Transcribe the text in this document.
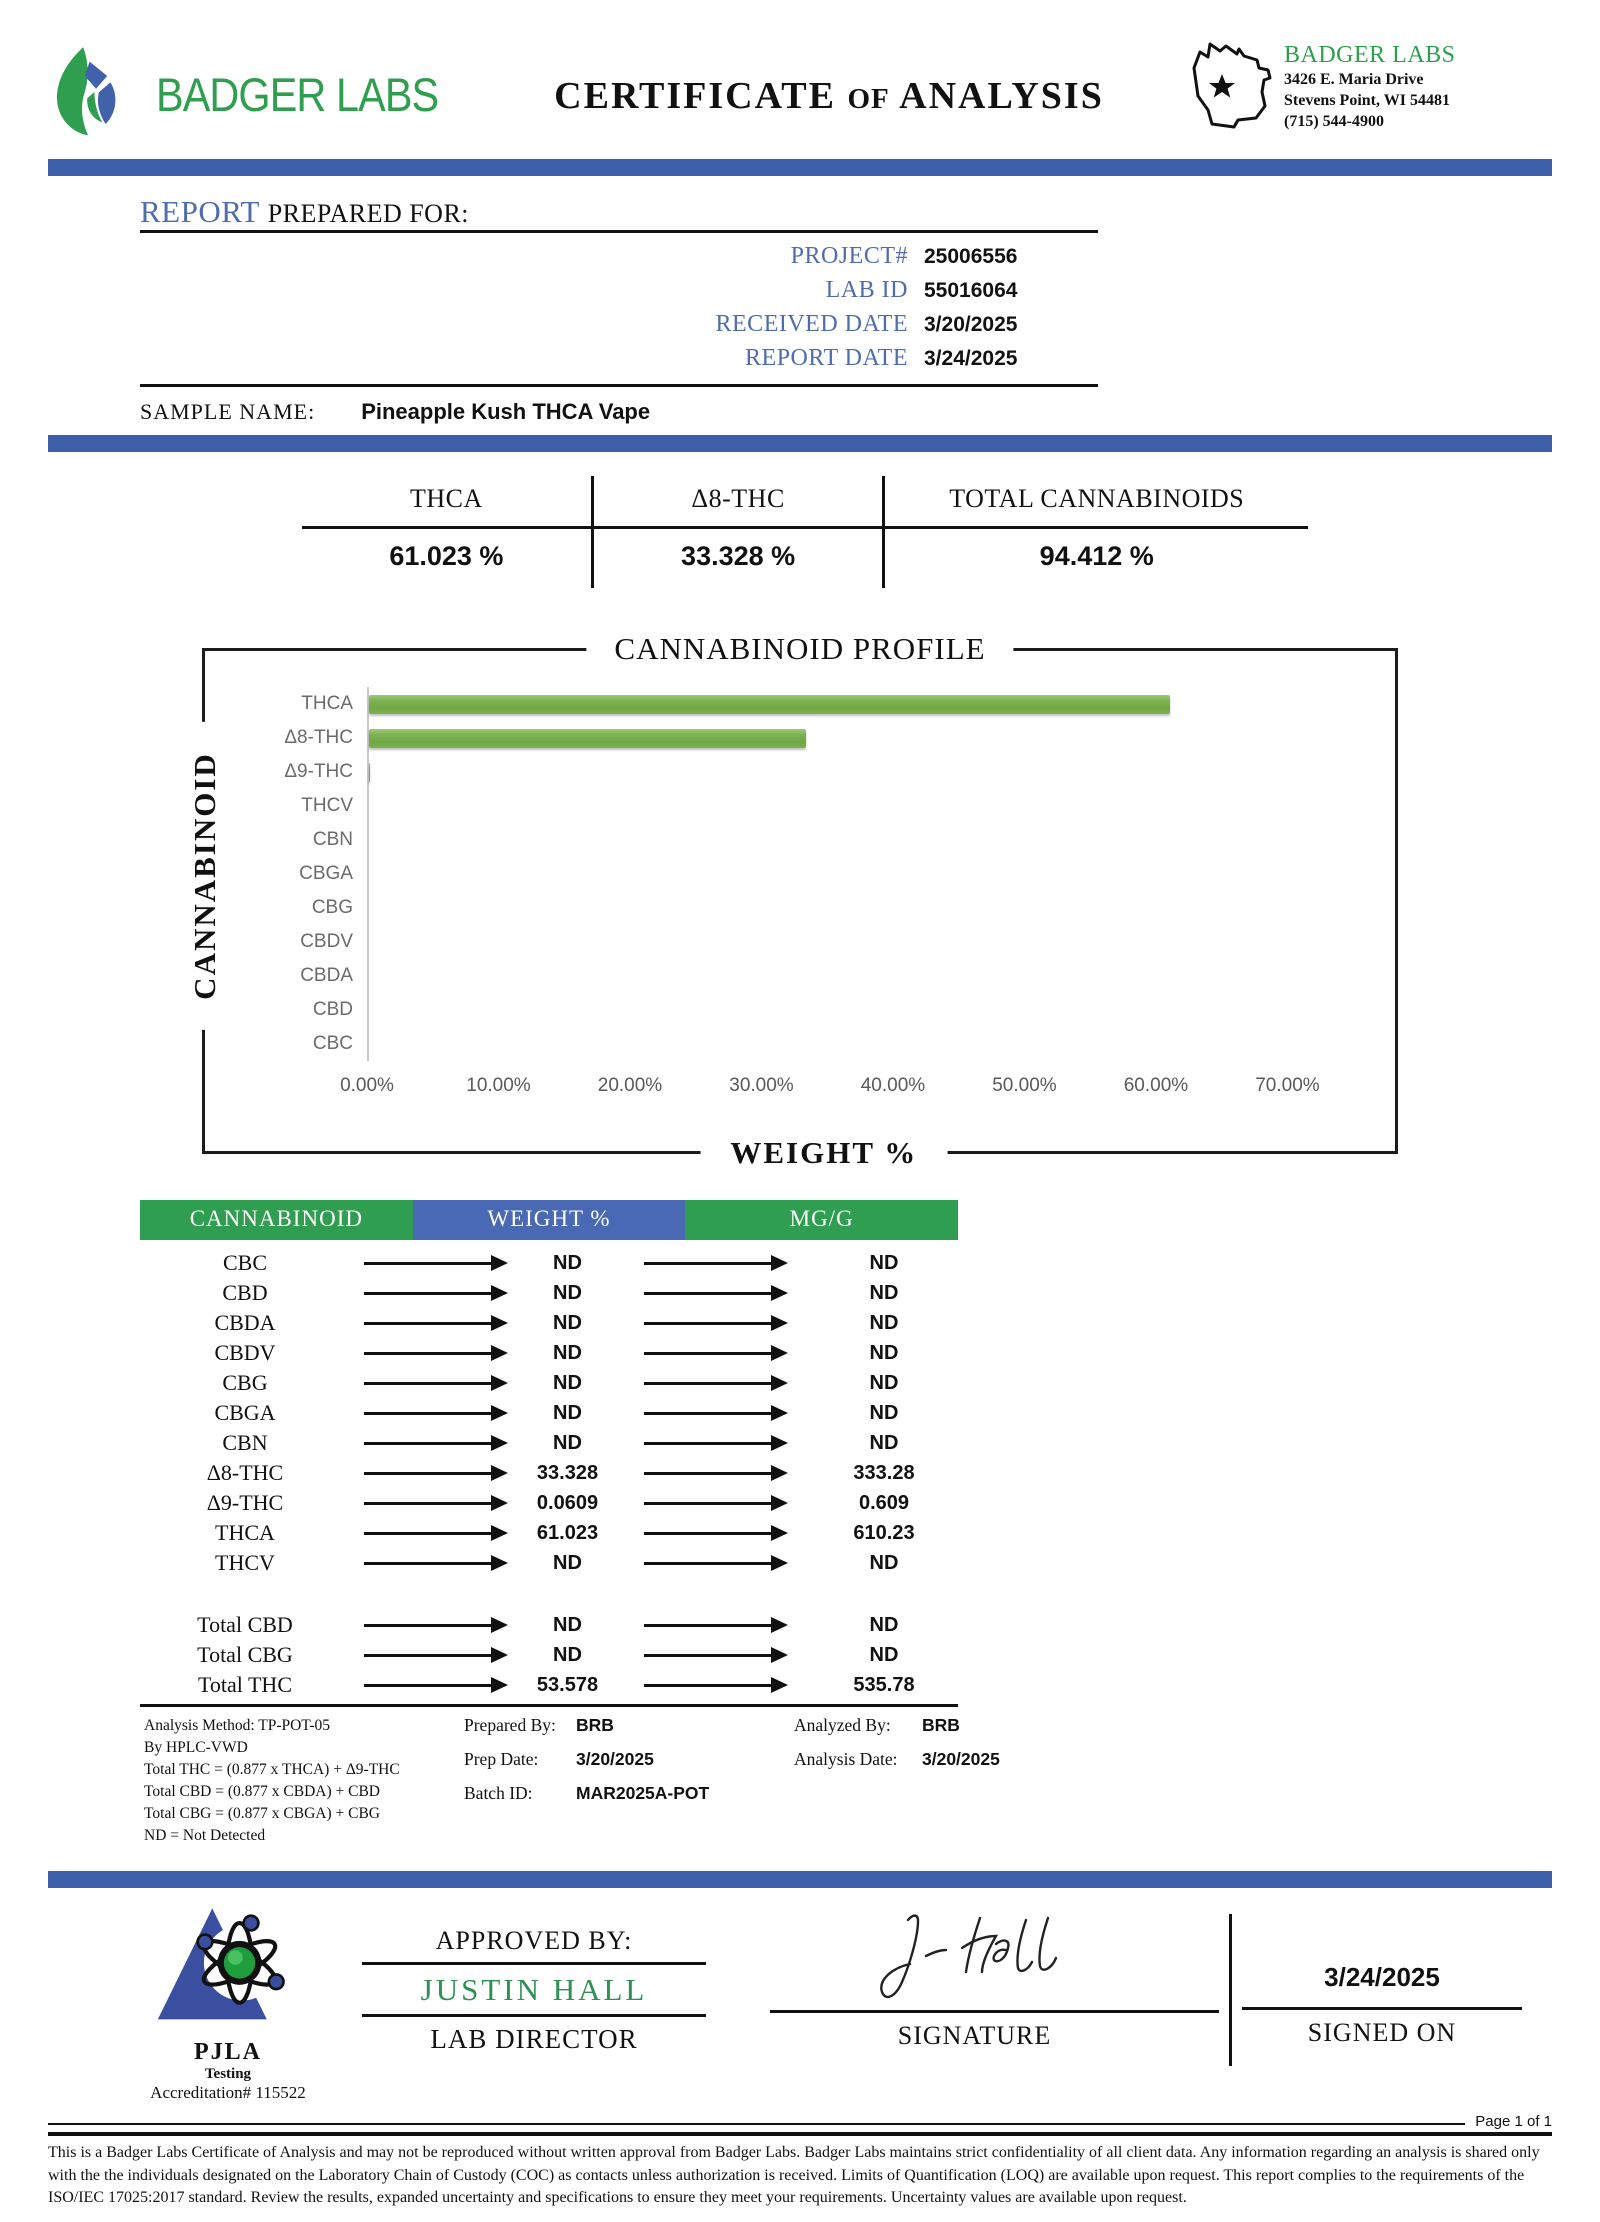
BADGER LABS	CERTIFICATE OF ANALYSIS
BADGER LABS
3426 E. Maria Drive
Stevens Point, WI 54481
(715) 544-4900
REPORT PREPARED FOR:
PROJECT# 25006556
LAB ID 55016064
RECEIVED DATE 3/20/2025
REPORT DATE 3/24/2025
SAMPLE NAME: Pineapple Kush THCA Vape
THCA	Δ8-THC	TOTAL CANNABINOIDS
61.023 %	33.328 %	94.412 %
CANNABINOID PROFILE
CANNABINOID
WEIGHT %
THCA
Δ8-THC
Δ9-THC
THCV
CBN
CBGA
CBG
CBDV
CBDA
CBD
CBC
0.00%	10.00%	20.00%	30.00%	40.00%	50.00%	60.00%	70.00%
CANNABINOID	WEIGHT %	MG/G
CBC	ND	ND
CBD	ND	ND
CBDA	ND	ND
CBDV	ND	ND
CBG	ND	ND
CBGA	ND	ND
CBN	ND	ND
Δ8-THC	33.328	333.28
Δ9-THC	0.0609	0.609
THCA	61.023	610.23
THCV	ND	ND
Total CBD	ND	ND
Total CBG	ND	ND
Total THC	53.578	535.78
Analysis Method: TP-POT-05
By HPLC-VWD
Total THC = (0.877 x THCA) + Δ9-THC
Total CBD = (0.877 x CBDA) + CBD
Total CBG = (0.877 x CBGA) + CBG
ND = Not Detected
Prepared By:	BRB
Prep Date:	3/20/2025
Batch ID:	MAR2025A-POT
Analyzed By:	BRB
Analysis Date:	3/20/2025
PJLA
Testing
Accreditation# 115522
APPROVED BY:
JUSTIN HALL
LAB DIRECTOR	SIGNATURE
3/24/2025
SIGNED ON
Page 1 of 1
This is a Badger Labs Certificate of Analysis and may not be reproduced without written approval from Badger Labs. Badger Labs maintains strict confidentiality of all client data. Any information regarding an analysis is shared only with the the individuals designated on the Laboratory Chain of Custody (COC) as contacts unless authorization is received. Limits of Quantification (LOQ) are available upon request. This report complies to the requirements of the ISO/IEC 17025:2017 standard. Review the results, expanded uncertainty and specifications to ensure they meet your requirements. Uncertainty values are available upon request.
